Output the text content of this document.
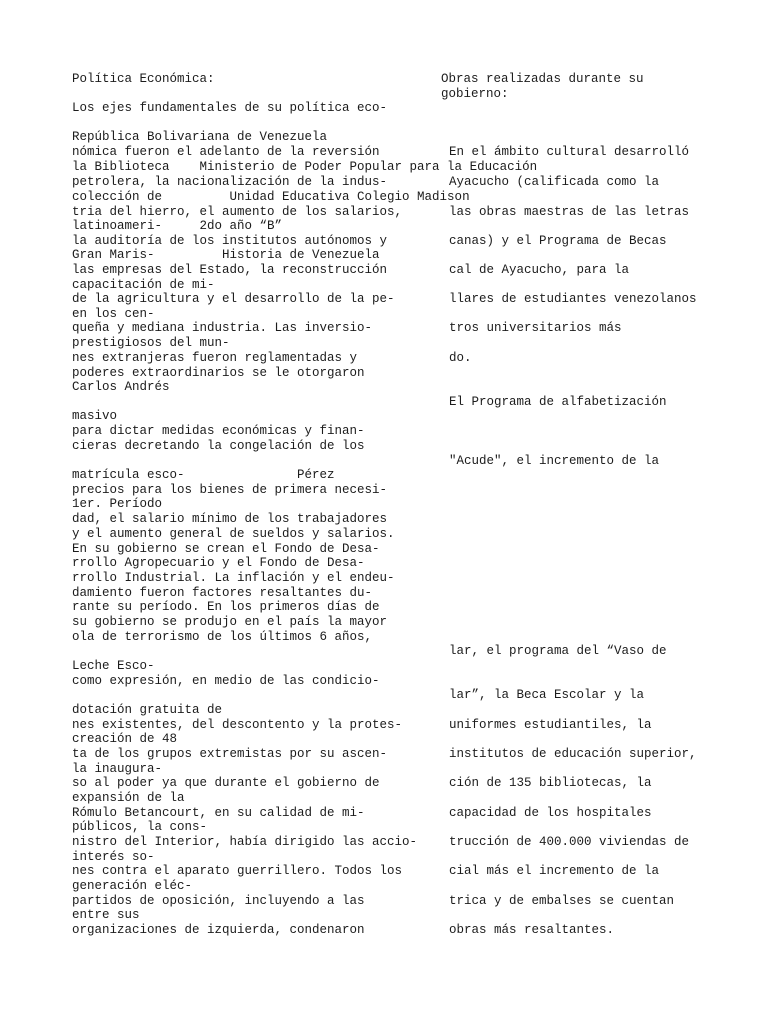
Política Económica:

Los ejes fundamentales de su política eco-

República Bolivariana de Venezuela

nómica fueron el adelanto de la reversión

la Biblioteca    Ministerio de Poder Popular para la Educación

petrolera, la nacionalización de la indus-

colección de         Unidad Educativa Colegio Madison

tria del hierro, el aumento de los salarios,

latinoameri-     2do año “B”

la auditoría de los institutos autónomos y

Gran Maris-         Historia de Venezuela

las empresas del Estado, la reconstrucción

capacitación de mi-

de la agricultura y el desarrollo de la pe-

en los cen-

queña y mediana industria. Las inversio-

prestigiosos del mun-

nes extranjeras fueron reglamentadas y

poderes extraordinarios se le otorgaron

Carlos Andrés

masivo

para dictar medidas económicas y finan-

cieras decretando la congelación de los

matrícula esco-               Pérez

precios para los bienes de primera necesi-

1er. Período

dad, el salario mínimo de los trabajadores

y el aumento general de sueldos y salarios.

En su gobierno se crean el Fondo de Desa-

rrollo Agropecuario y el Fondo de Desa-

rrollo Industrial. La inflación y el endeu-

damiento fueron factores resaltantes du-

rante su período. En los primeros días de

su gobierno se produjo en el país la mayor

ola de terrorismo de los últimos 6 años,

Leche Esco-

como expresión, en medio de las condicio-

dotación gratuita de

nes existentes, del descontento y la protes-

creación de 48

ta de los grupos extremistas por su ascen-

la inaugura-

so al poder ya que durante el gobierno de

expansión de la

Rómulo Betancourt, en su calidad de mi-

públicos, la cons-

nistro del Interior, había dirigido las accio-

interés so-

nes contra el aparato guerrillero. Todos los

generación eléc-

partidos de oposición, incluyendo a las

entre sus

organizaciones de izquierda, condenaron

Obras realizadas durante su

gobierno:

En el ámbito cultural desarrolló

Ayacucho (calificada como la

las obras maestras de las letras

canas) y el Programa de Becas

cal de Ayacucho, para la

llares de estudiantes venezolanos

tros universitarios más

do.

El Programa de alfabetización

"Acude", el incremento de la

lar, el programa del “Vaso de

lar”, la Beca Escolar y la

uniformes estudiantiles, la

institutos de educación superior,

ción de 135 bibliotecas, la

capacidad de los hospitales

trucción de 400.000 viviendas de

cial más el incremento de la

trica y de embalses se cuentan

obras más resaltantes.
